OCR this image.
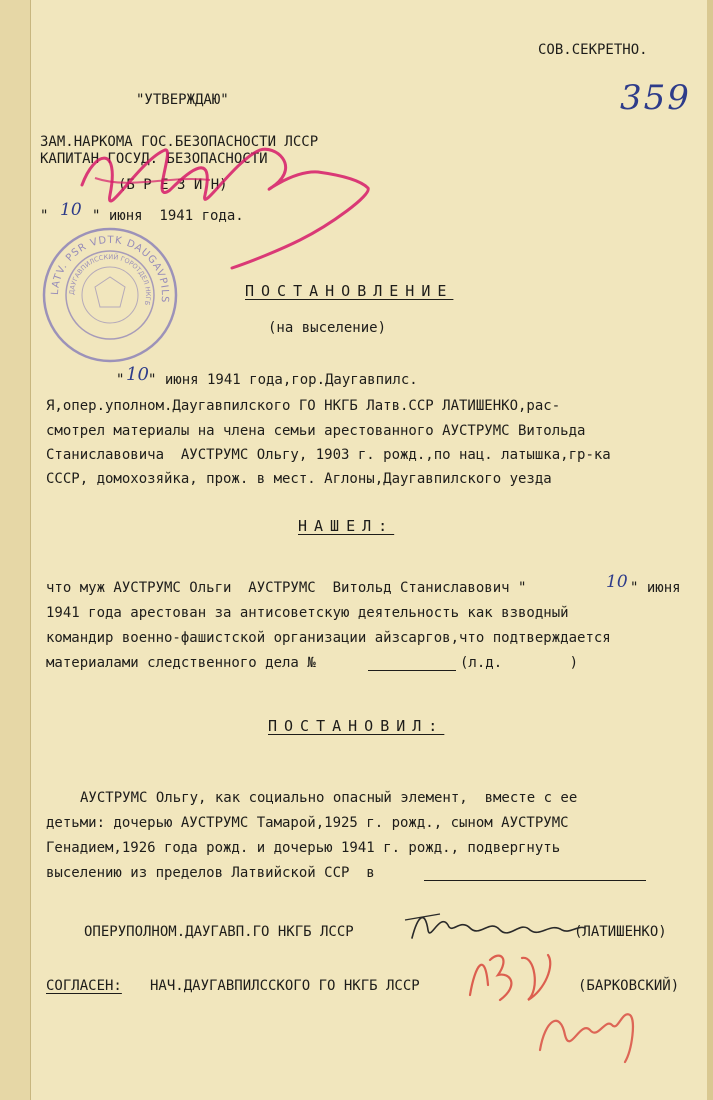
СОВ.СЕКРЕТНО.
359
"УТВЕРЖДАЮ"
ЗАМ.НАРКОМА ГОС.БЕЗОПАСНОСТИ ЛССР
КАПИТАН ГОСУД. БЕЗОПАСНОСТИ
(Б Р Е З И Н)
" 10 " июня  1941 года.
LATV. PSR VDTK DAUGAVPILS
ДАУГАВПИЛССКИЙ ГОРОТДЕЛ НКГБ
ПОСТАНОВЛЕНИЕ
(на выселение)
" 10 " июня 1941 года,гор.Даугавпилс.
Я,опер.уполном.Даугавпилского ГО НКГБ Латв.ССР ЛАТИШЕНКО,рас-
смотрел материалы на члена семьи арестованного АУСТРУМС Витольда
Станиславовича  АУСТРУМС Ольгу, 1903 г. рожд.,по нац. латышка,гр-ка
СССР, домохозяйка, прож. в мест. Аглоны,Даугавпилского уезда
НАШЕЛ:
что муж АУСТРУМС Ольги  АУСТРУМС  Витольд Станиславович "	10 " июня
1941 года арестован за антисоветскую деятельность как взводный
командир военно-фашистской организации айзсаргов,что подтверждается
материалами следственного дела №	(л.д.        )
ПОСТАНОВИЛ:
АУСТРУМС Ольгу, как социально опасный элемент,  вместе с ее
детьми: дочерью АУСТРУМС Тамарой,1925 г. рожд., сыном АУСТРУМС
Генадием,1926 года рожд. и дочерью 1941 г. рожд., подвергнуть
выселению из пределов Латвийской ССР  в
ОПЕРУПОЛНОМ.ДАУГАВП.ГО НКГБ ЛССР	(ЛАТИШЕНКО)
СОГЛАСЕН: НАЧ.ДАУГАВПИЛССКОГО ГО НКГБ ЛССР	(БАРКОВСКИЙ)
